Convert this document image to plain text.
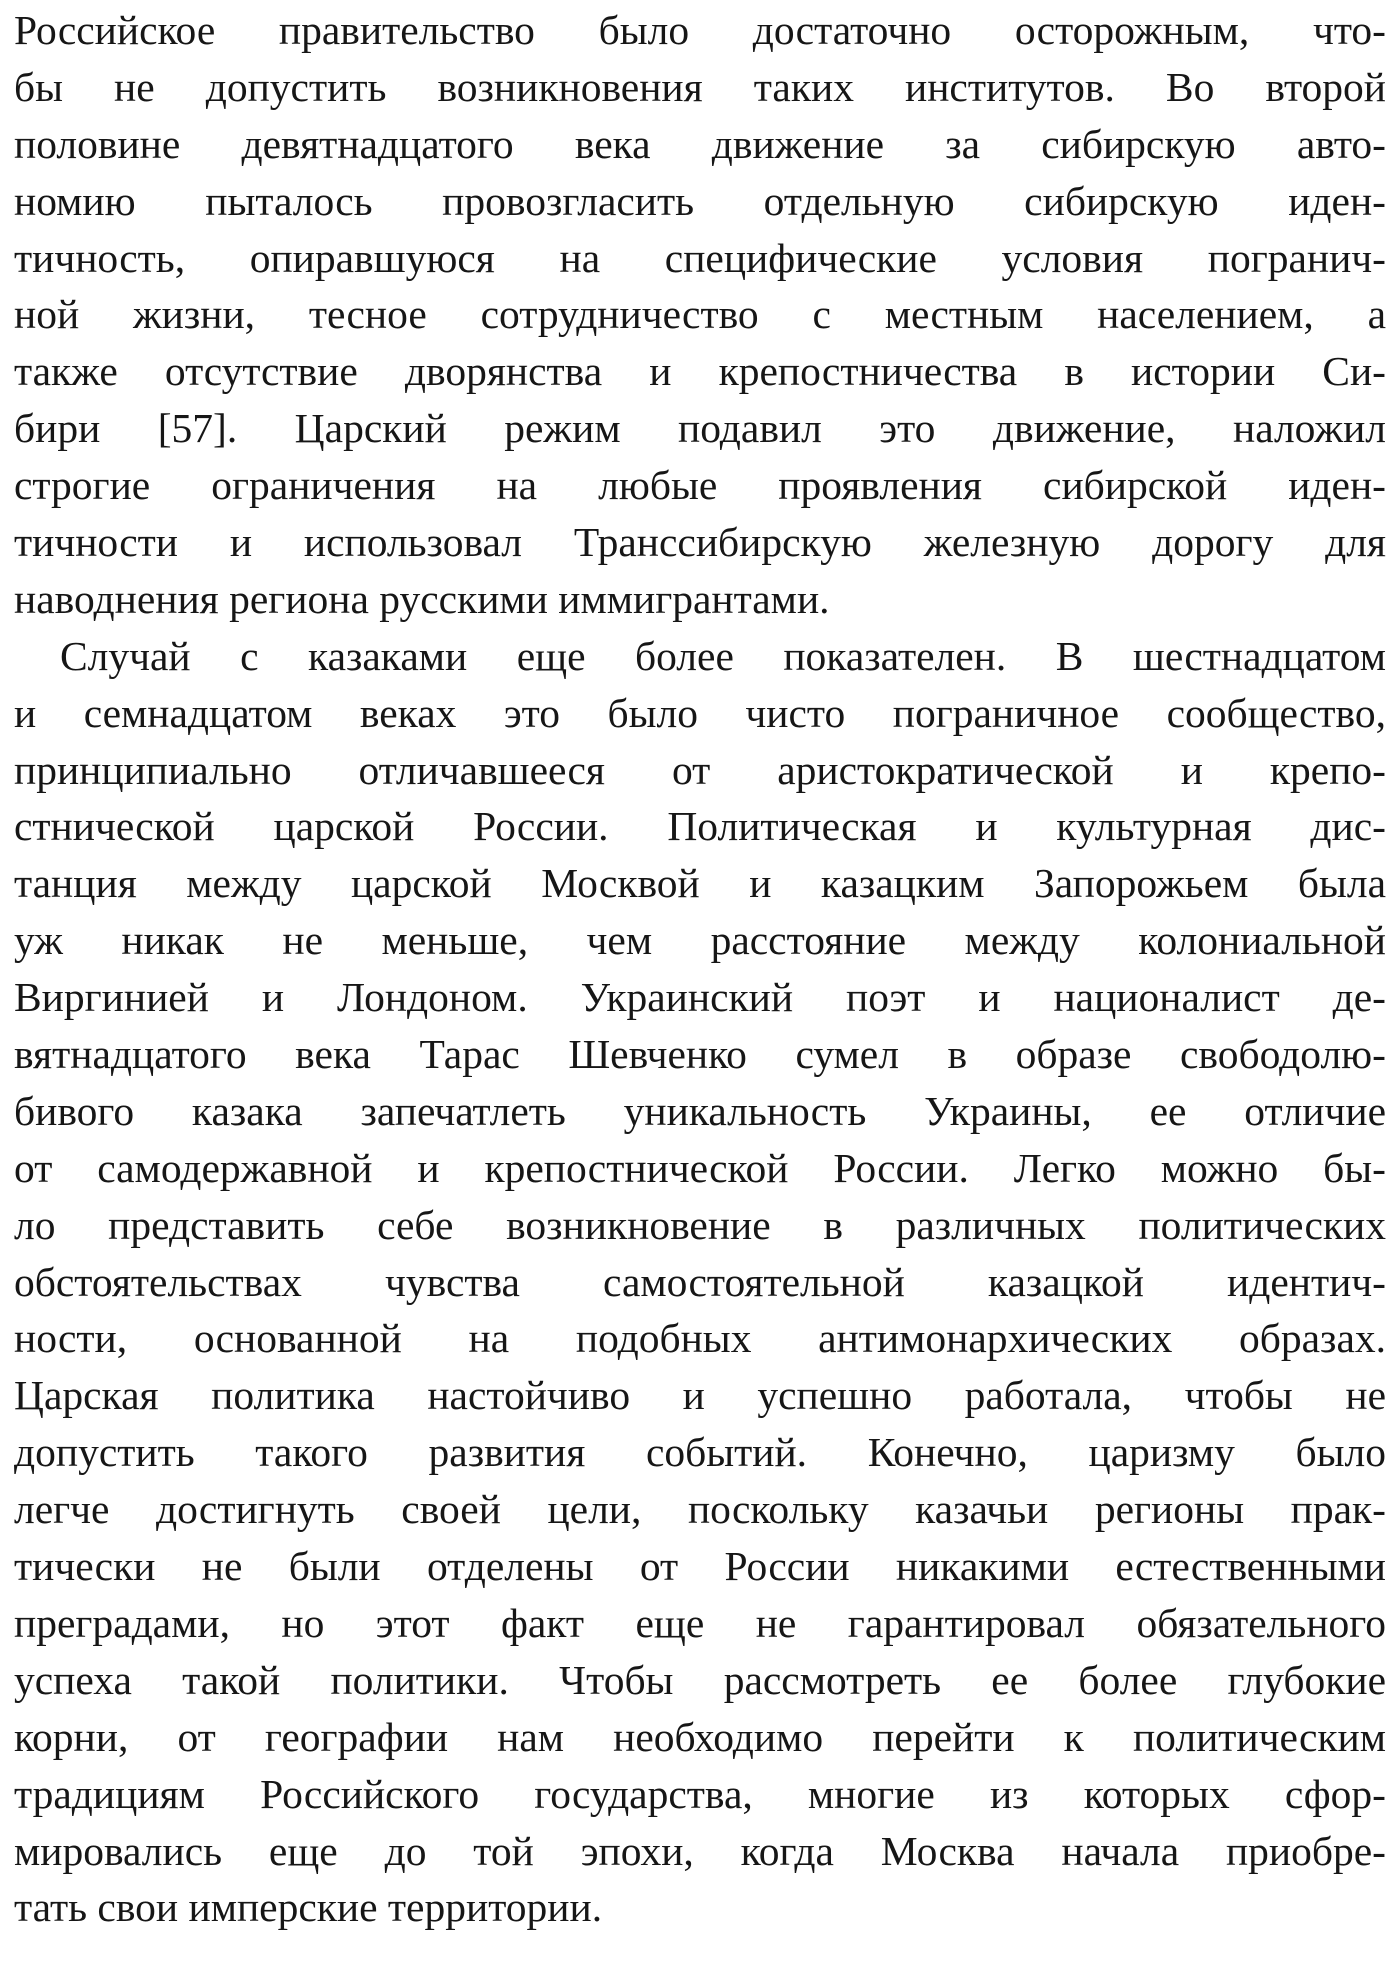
Российское правительство было достаточно осторожным, что-
бы не допустить возникновения таких институтов. Во второй
половине девятнадцатого века движение за сибирскую авто-
номию пыталось провозгласить отдельную сибирскую иден-
тичность, опиравшуюся на специфические условия погранич-
ной жизни, тесное сотрудничество с местным населением, а
также отсутствие дворянства и крепостничества в истории Си-
бири [57]. Царский режим подавил это движение, наложил
строгие ограничения на любые проявления сибирской иден-
тичности и использовал Транссибирскую железную дорогу для
наводнения региона русскими иммигрантами.
Случай с казаками еще более показателен. В шестнадцатом
и семнадцатом веках это было чисто пограничное сообщество,
принципиально отличавшееся от аристократической и крепо-
стнической царской России. Политическая и культурная дис-
танция между царской Москвой и казацким Запорожьем была
уж никак не меньше, чем расстояние между колониальной
Виргинией и Лондоном. Украинский поэт и националист де-
вятнадцатого века Тарас Шевченко сумел в образе свободолю-
бивого казака запечатлеть уникальность Украины, ее отличие
от самодержавной и крепостнической России. Легко можно бы-
ло представить себе возникновение в различных политических
обстоятельствах чувства самостоятельной казацкой идентич-
ности, основанной на подобных антимонархических образах.
Царская политика настойчиво и успешно работала, чтобы не
допустить такого развития событий. Конечно, царизму было
легче достигнуть своей цели, поскольку казачьи регионы прак-
тически не были отделены от России никакими естественными
преградами, но этот факт еще не гарантировал обязательного
успеха такой политики. Чтобы рассмотреть ее более глубокие
корни, от географии нам необходимо перейти к политическим
традициям Российского государства, многие из которых сфор-
мировались еще до той эпохи, когда Москва начала приобре-
тать свои имперские территории.
